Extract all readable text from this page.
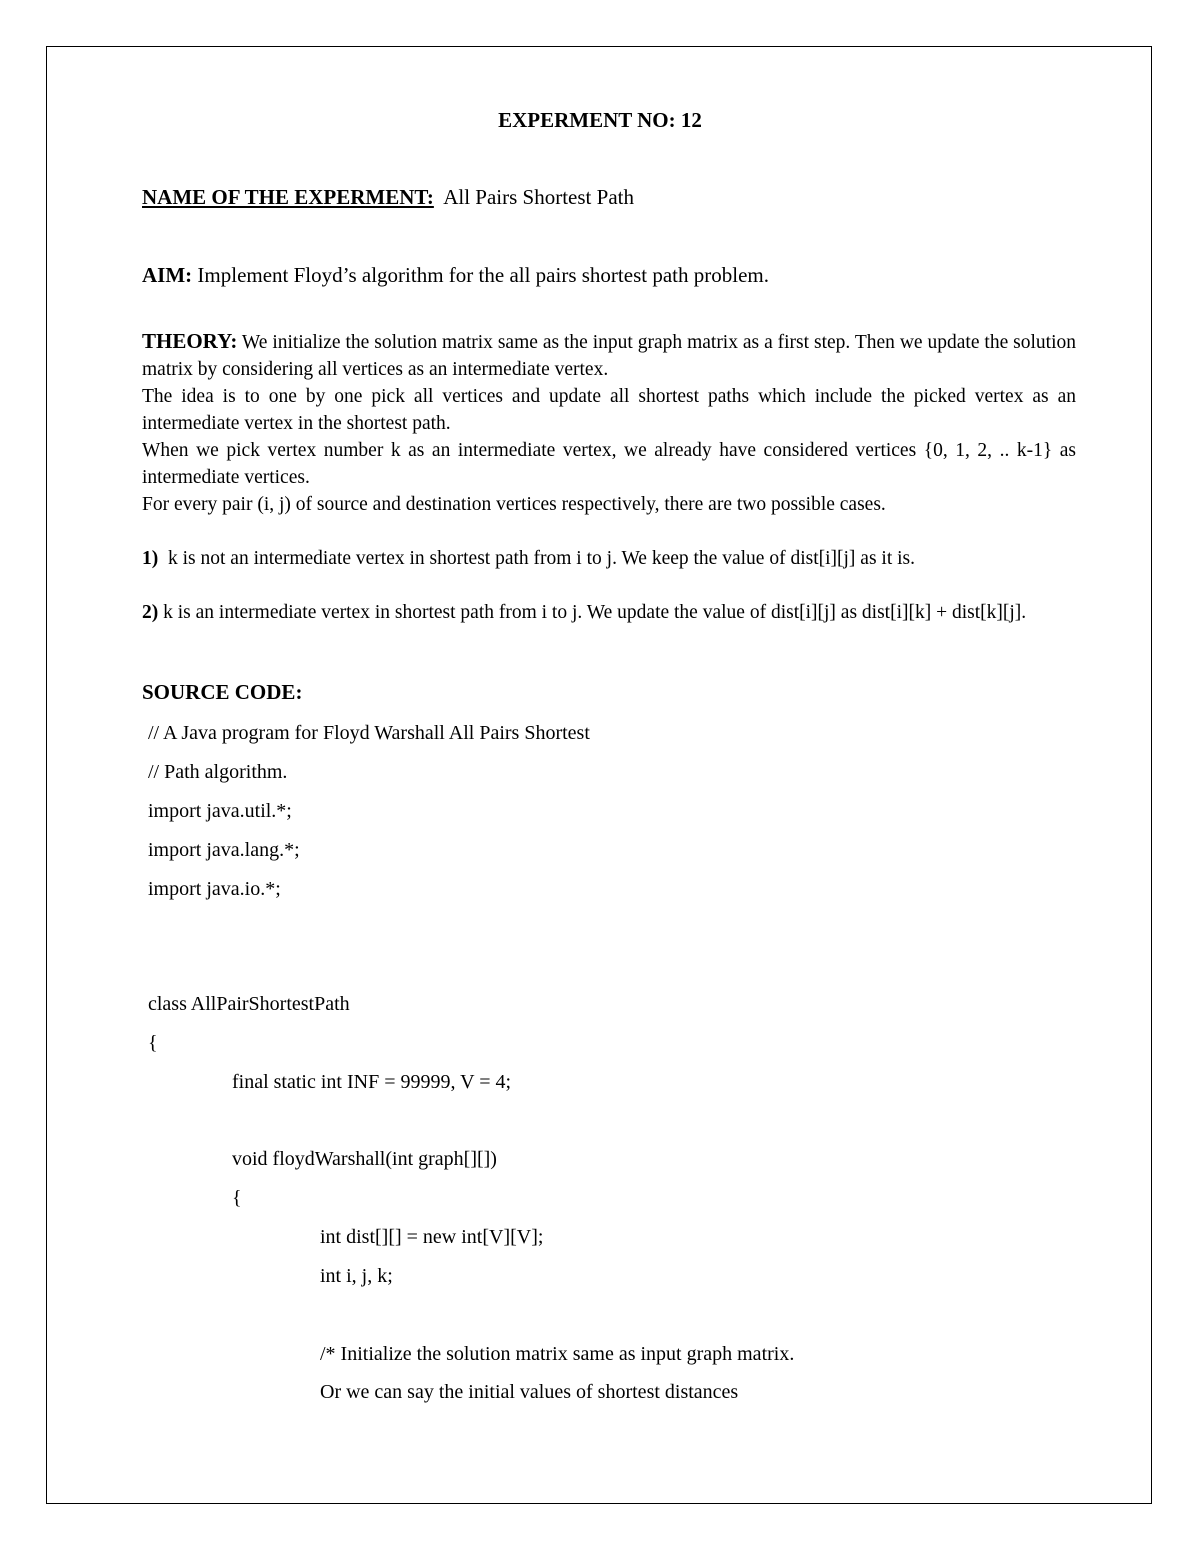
EXPERMENT NO: 12
NAME OF THE EXPERMENT: All Pairs Shortest Path
AIM: Implement Floyd’s algorithm for the all pairs shortest path problem.

THEORY: We initialize the solution matrix same as the input graph matrix as a first step. Then we update the solution matrix by considering all vertices as an intermediate vertex.

The idea is to one by one pick all vertices and update all shortest paths which include the picked vertex as an intermediate vertex in the shortest path.

When we pick vertex number k as an intermediate vertex, we already have considered vertices {0, 1, 2, .. k-1} as intermediate vertices.

For every pair (i, j) of source and destination vertices respectively, there are two possible cases.

1) k is not an intermediate vertex in shortest path from i to j. We keep the value of dist[i][j] as it is.
2) k is an intermediate vertex in shortest path from i to j. We update the value of dist[i][j] as dist[i][k] + dist[k][j].
SOURCE CODE:
// A Java program for Floyd Warshall All Pairs Shortest
// Path algorithm.
import java.util.*;
import java.lang.*;
import java.io.*;
class AllPairShortestPath
{
final static int INF = 99999, V = 4;
void floydWarshall(int graph[][])
{
int dist[][] = new int[V][V];
int i, j, k;
/* Initialize the solution matrix same as input graph matrix.
Or we can say the initial values of shortest distances
